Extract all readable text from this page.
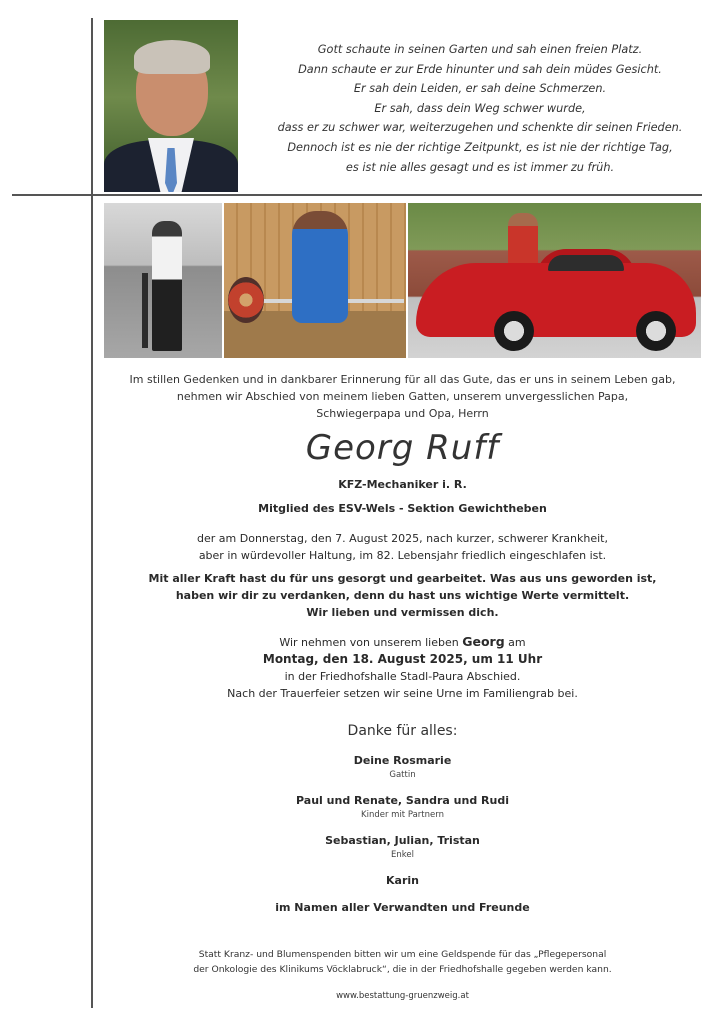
Gott schaute in seinen Garten und sah einen freien Platz.
Dann schaute er zur Erde hinunter und sah dein müdes Gesicht.
Er sah dein Leiden, er sah deine Schmerzen.
Er sah, dass dein Weg schwer wurde,
dass er zu schwer war, weiterzugehen und schenkte dir seinen Frieden.
Dennoch ist es nie der richtige Zeitpunkt, es ist nie der richtige Tag,
es ist nie alles gesagt und es ist immer zu früh.
Im stillen Gedenken und in dankbarer Erinnerung für all das Gute, das er uns in seinem Leben gab,
nehmen wir Abschied von meinem lieben Gatten, unserem unvergesslichen Papa,
Schwiegerpapa und Opa, Herrn
Georg Ruff
KFZ-Mechaniker i. R.
Mitglied des ESV-Wels - Sektion Gewichtheben
der am Donnerstag, den 7. August 2025, nach kurzer, schwerer Krankheit,
aber in würdevoller Haltung, im 82. Lebensjahr friedlich eingeschlafen ist.
Mit aller Kraft hast du für uns gesorgt und gearbeitet. Was aus uns geworden ist,
haben wir dir zu verdanken, denn du hast uns wichtige Werte vermittelt.
Wir lieben und vermissen dich.
Wir nehmen von unserem lieben Georg am
Montag, den 18. August 2025, um 11 Uhr
in der Friedhofshalle Stadl-Paura Abschied.
Nach der Trauerfeier setzen wir seine Urne im Familiengrab bei.
Danke für alles:
Deine Rosmarie
Gattin
Paul und Renate, Sandra und Rudi
Kinder mit Partnern
Sebastian, Julian, Tristan
Enkel
Karin
im Namen aller Verwandten und Freunde
Statt Kranz- und Blumenspenden bitten wir um eine Geldspende für das „Pflegepersonal
der Onkologie des Klinikums Vöcklabruck“, die in der Friedhofshalle gegeben werden kann.
www.bestattung-gruenzweig.at
